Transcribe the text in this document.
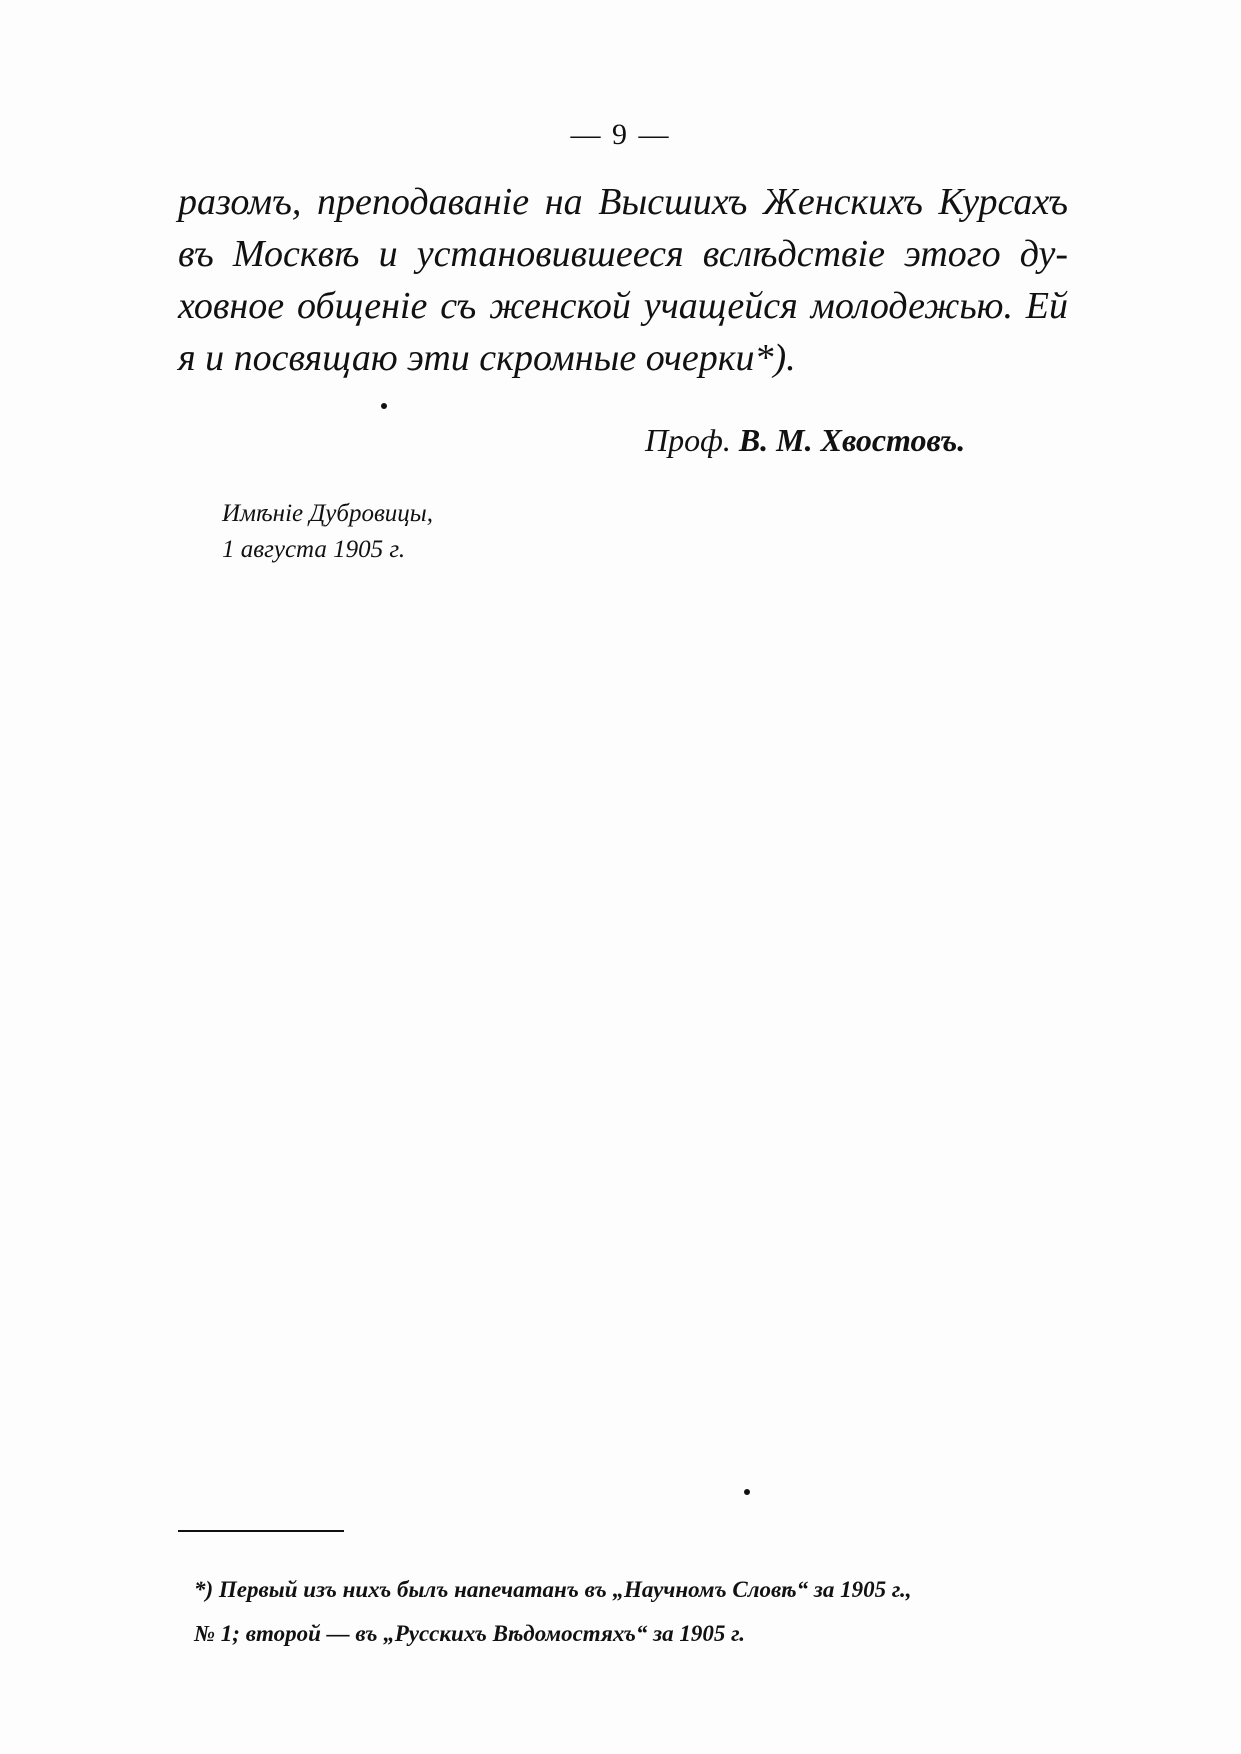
— 9 —
разомъ, преподаванiе на Высшихъ Женскихъ Курсахъ
въ Москвѣ и установившееся вслѣдствiе этого ду-
ховное общенiе съ женской учащейся молодежью. Ей
я и посвящаю эти скромные очерки*).
Проф. В. М. Хвостовъ.
Имѣнiе Дубровицы,
1 августа 1905 г.
*) Первый изъ нихъ былъ напечатанъ въ „Научномъ Словѣ“ за 1905 г.,
№ 1; второй — въ „Русскихъ Вѣдомостяхъ“ за 1905 г.
